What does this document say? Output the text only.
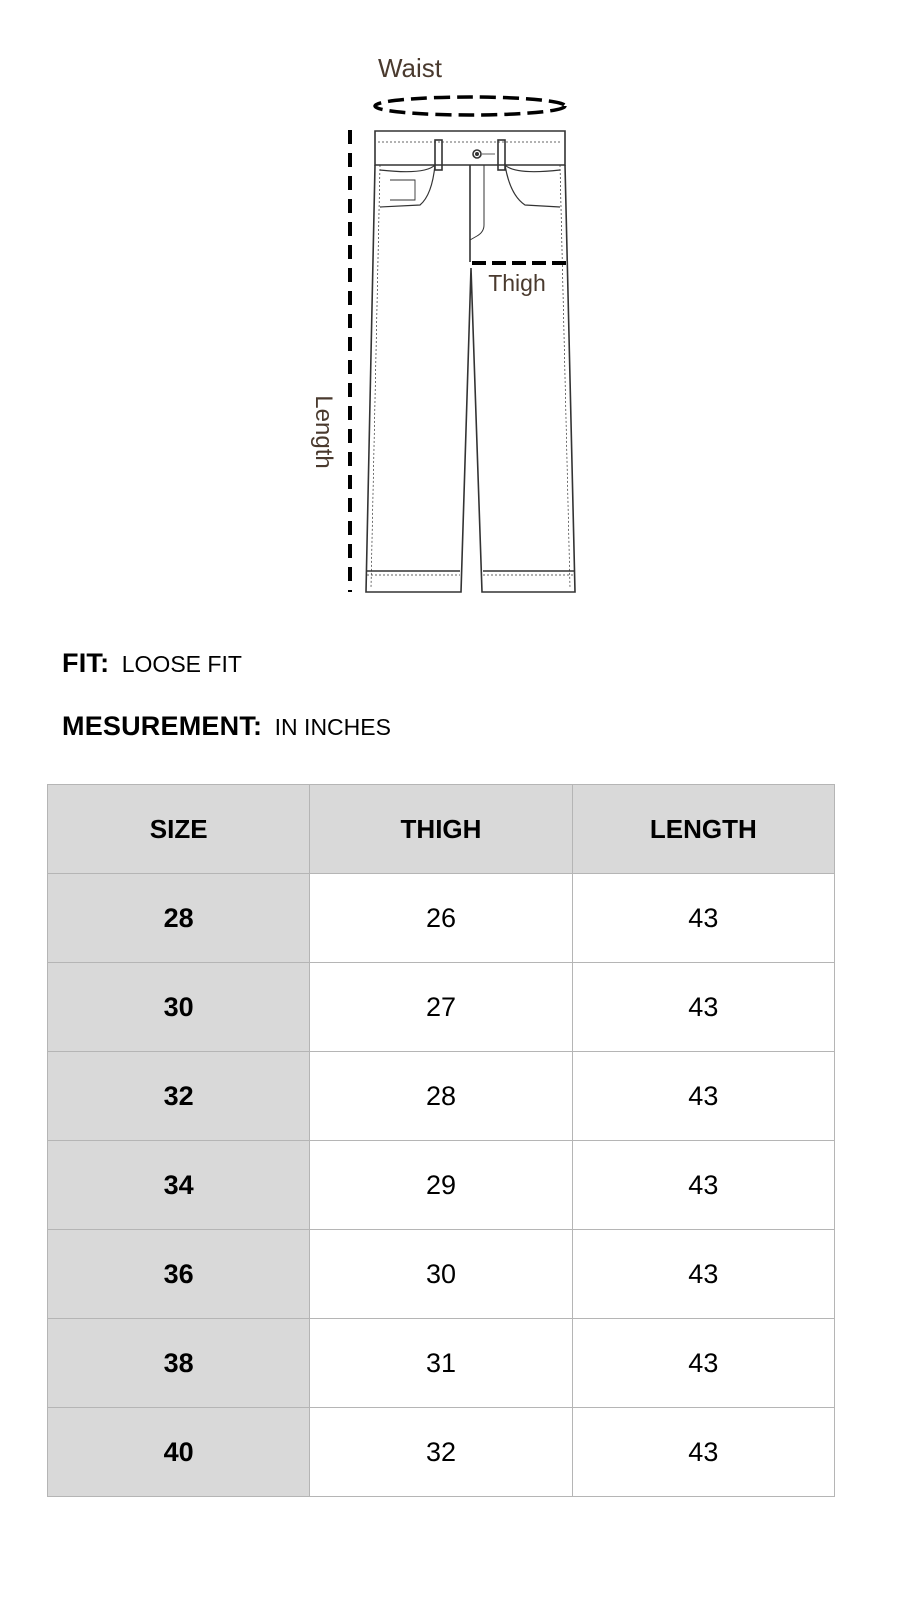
Waist
Thigh
Length
FIT: LOOSE FIT
MESUREMENT: IN INCHES
SIZE	THIGH	LENGTH
28	26	43
30	27	43
32	28	43
34	29	43
36	30	43
38	31	43
40	32	43
